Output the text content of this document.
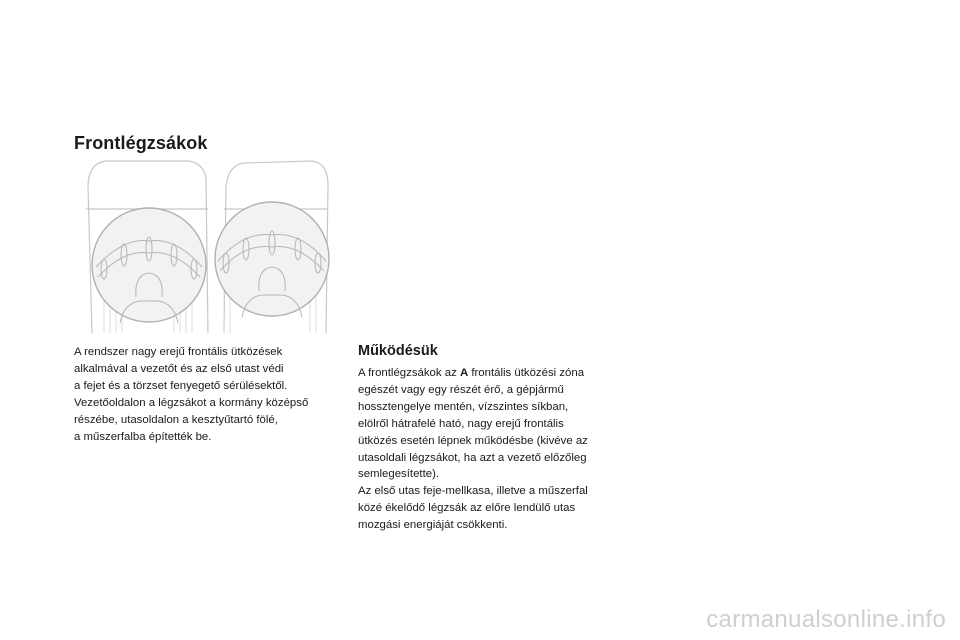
Frontlégzsákok

A rendszer nagy erejű frontális ütközések
alkalmával a vezetőt és az első utast védi
a fejet és a törzset fenyegető sérülésektől.
Vezetőoldalon a légzsákot a kormány középső
részébe, utasoldalon a kesztyűtartó fölé,
a műszerfalba építették be.

Működésük

A frontlégzsákok az A frontális ütközési zóna
egészét vagy egy részét érő, a gépjármű
hossztengelye mentén, vízszintes síkban,
elölről hátrafelé ható, nagy erejű frontális
ütközés esetén lépnek működésbe (kivéve az
utasoldali légzsákot, ha azt a vezető előzőleg
semlegesítette).
Az első utas feje-mellkasa, illetve a műszerfal
közé ékelődő légzsák az előre lendülő utas
mozgási energiáját csökkenti.

carmanualsonline.info
